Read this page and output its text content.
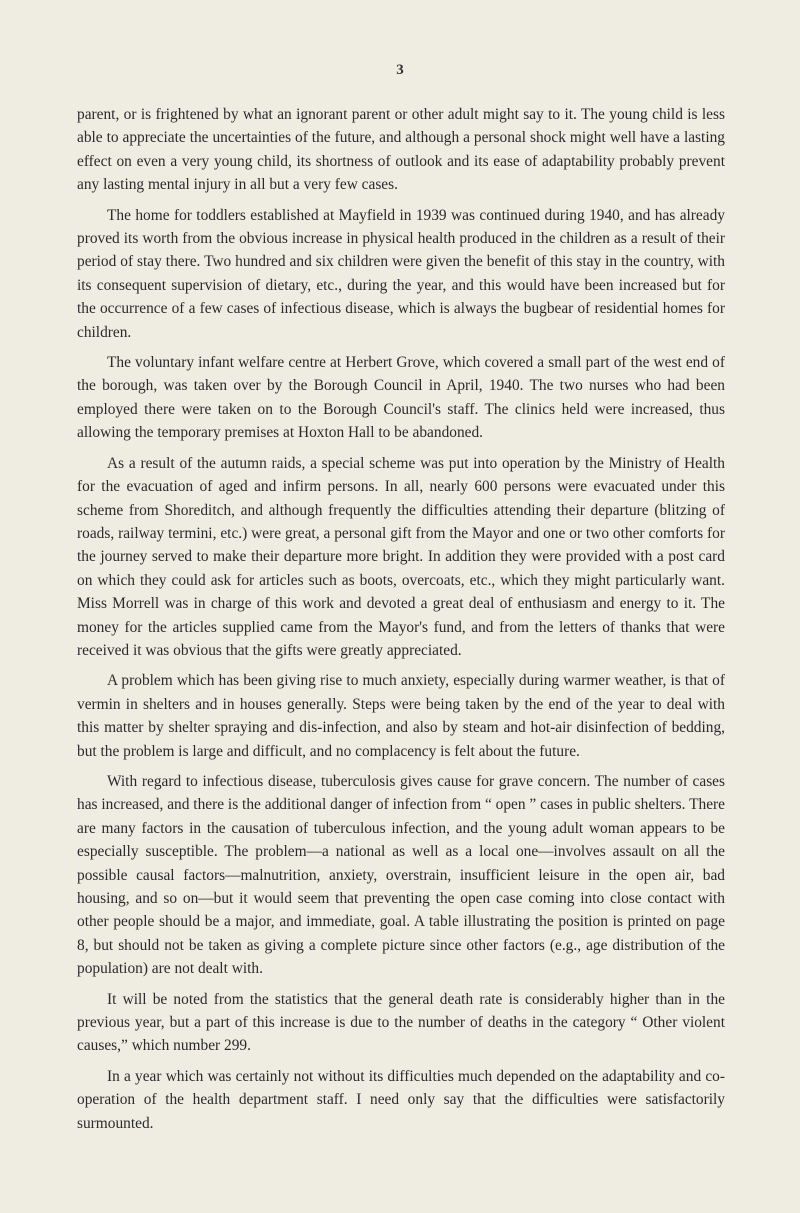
3

parent, or is frightened by what an ignorant parent or other adult might say to it. The young child is less able to appreciate the uncertainties of the future, and although a personal shock might well have a lasting effect on even a very young child, its shortness of outlook and its ease of adaptability probably prevent any lasting mental injury in all but a very few cases.

The home for toddlers established at Mayfield in 1939 was continued during 1940, and has already proved its worth from the obvious increase in physical health produced in the children as a result of their period of stay there. Two hundred and six children were given the benefit of this stay in the country, with its consequent supervision of dietary, etc., during the year, and this would have been increased but for the occurrence of a few cases of infectious disease, which is always the bugbear of residential homes for children.

The voluntary infant welfare centre at Herbert Grove, which covered a small part of the west end of the borough, was taken over by the Borough Council in April, 1940. The two nurses who had been employed there were taken on to the Borough Council's staff. The clinics held were increased, thus allowing the temporary premises at Hoxton Hall to be abandoned.

As a result of the autumn raids, a special scheme was put into operation by the Ministry of Health for the evacuation of aged and infirm persons. In all, nearly 600 persons were evacuated under this scheme from Shoreditch, and although frequently the difficulties attending their departure (blitzing of roads, railway termini, etc.) were great, a personal gift from the Mayor and one or two other comforts for the journey served to make their departure more bright. In addition they were provided with a post card on which they could ask for articles such as boots, overcoats, etc., which they might particularly want. Miss Morrell was in charge of this work and devoted a great deal of enthusiasm and energy to it. The money for the articles supplied came from the Mayor's fund, and from the letters of thanks that were received it was obvious that the gifts were greatly appreciated.

A problem which has been giving rise to much anxiety, especially during warmer weather, is that of vermin in shelters and in houses generally. Steps were being taken by the end of the year to deal with this matter by shelter spraying and dis-infection, and also by steam and hot-air disinfection of bedding, but the problem is large and difficult, and no complacency is felt about the future.

With regard to infectious disease, tuberculosis gives cause for grave concern. The number of cases has increased, and there is the additional danger of infection from “ open ” cases in public shelters. There are many factors in the causation of tuberculous infection, and the young adult woman appears to be especially susceptible. The problem—a national as well as a local one—involves assault on all the possible causal factors—malnutrition, anxiety, overstrain, insufficient leisure in the open air, bad housing, and so on—but it would seem that preventing the open case coming into close contact with other people should be a major, and immediate, goal. A table illustrating the position is printed on page 8, but should not be taken as giving a complete picture since other factors (e.g., age distribution of the population) are not dealt with.

It will be noted from the statistics that the general death rate is considerably higher than in the previous year, but a part of this increase is due to the number of deaths in the category “ Other violent causes,” which number 299.

In a year which was certainly not without its difficulties much depended on the adaptability and co-operation of the health department staff. I need only say that the difficulties were satisfactorily surmounted.
